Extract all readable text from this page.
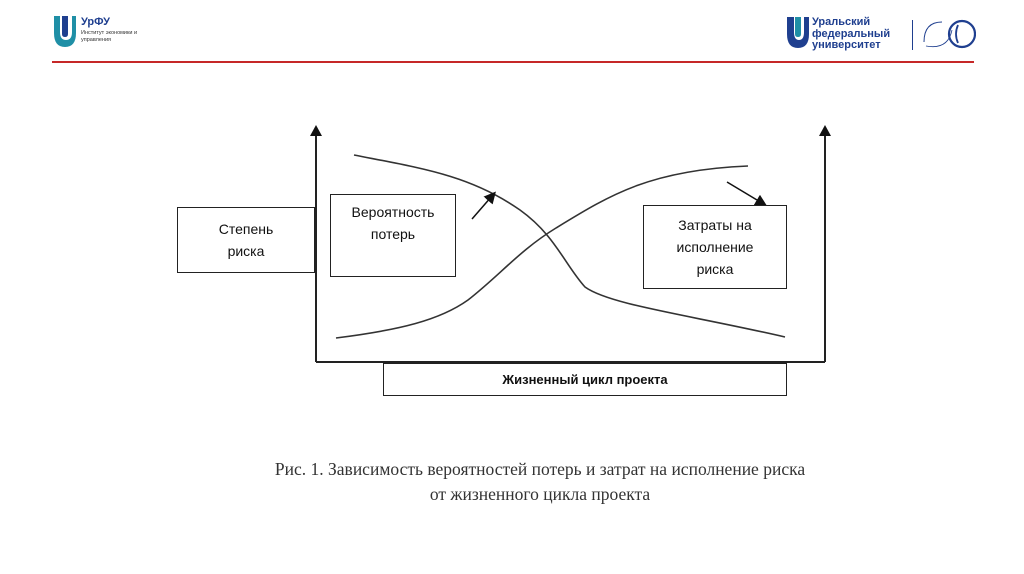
УрФУ
Институт экономики и управления
Уральский федеральный университет
Степень
риска
Вероятность
потерь
Затраты на
исполнение
риска
Жизненный цикл проекта
Рис. 1. Зависимость вероятностей потерь и затрат на исполнение риска
от жизненного цикла проекта
